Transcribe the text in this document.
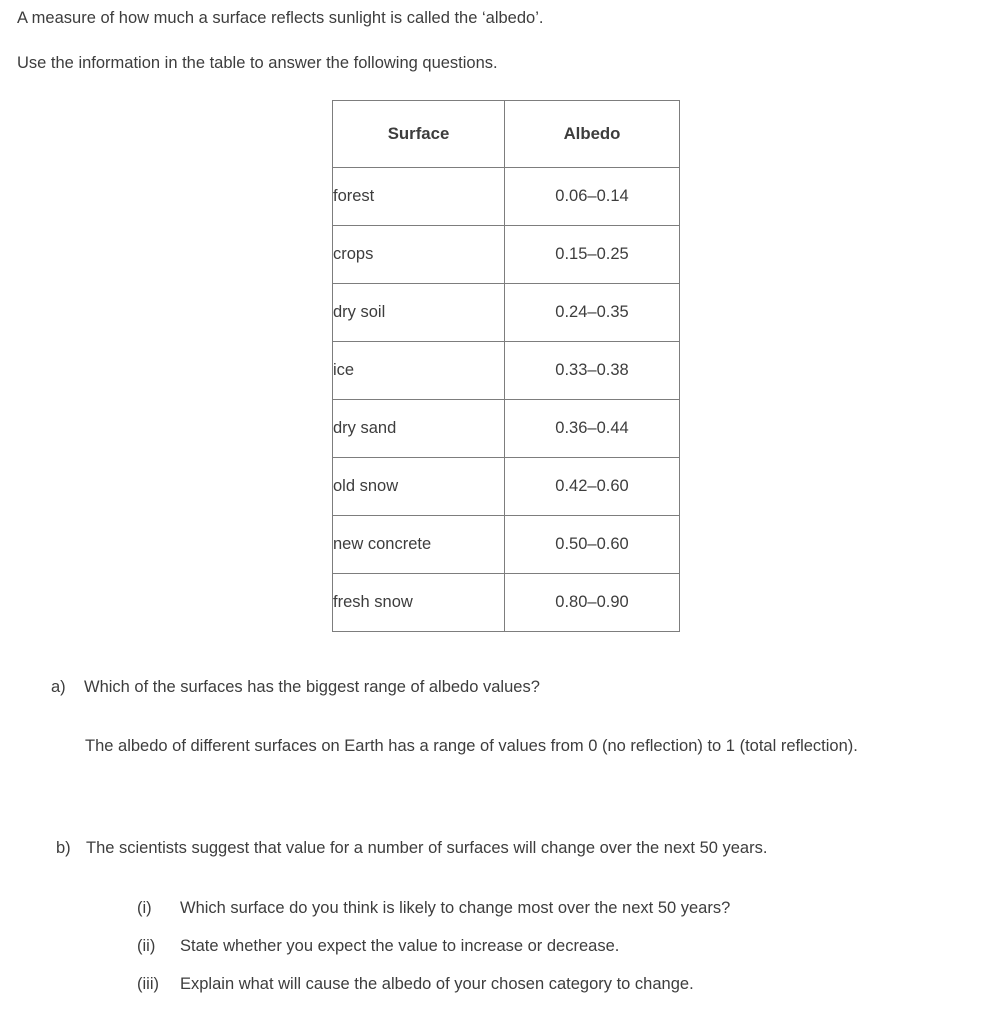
A measure of how much a surface reflects sunlight is called the ‘albedo’.
Use the information in the table to answer the following questions.
Surface	Albedo
forest	0.06–0.14
crops	0.15–0.25
dry soil	0.24–0.35
ice	0.33–0.38
dry sand	0.36–0.44
old snow	0.42–0.60
new concrete	0.50–0.60
fresh snow	0.80–0.90
a)	Which of the surfaces has the biggest range of albedo values?
The albedo of different surfaces on Earth has a range of values from 0 (no reflection) to 1 (total reflection).
b) The scientists suggest that value for a number of surfaces will change over the next 50 years.
(i)	Which surface do you think is likely to change most over the next 50 years?
(ii)	State whether you expect the value to increase or decrease.
(iii)	Explain what will cause the albedo of your chosen category to change.
